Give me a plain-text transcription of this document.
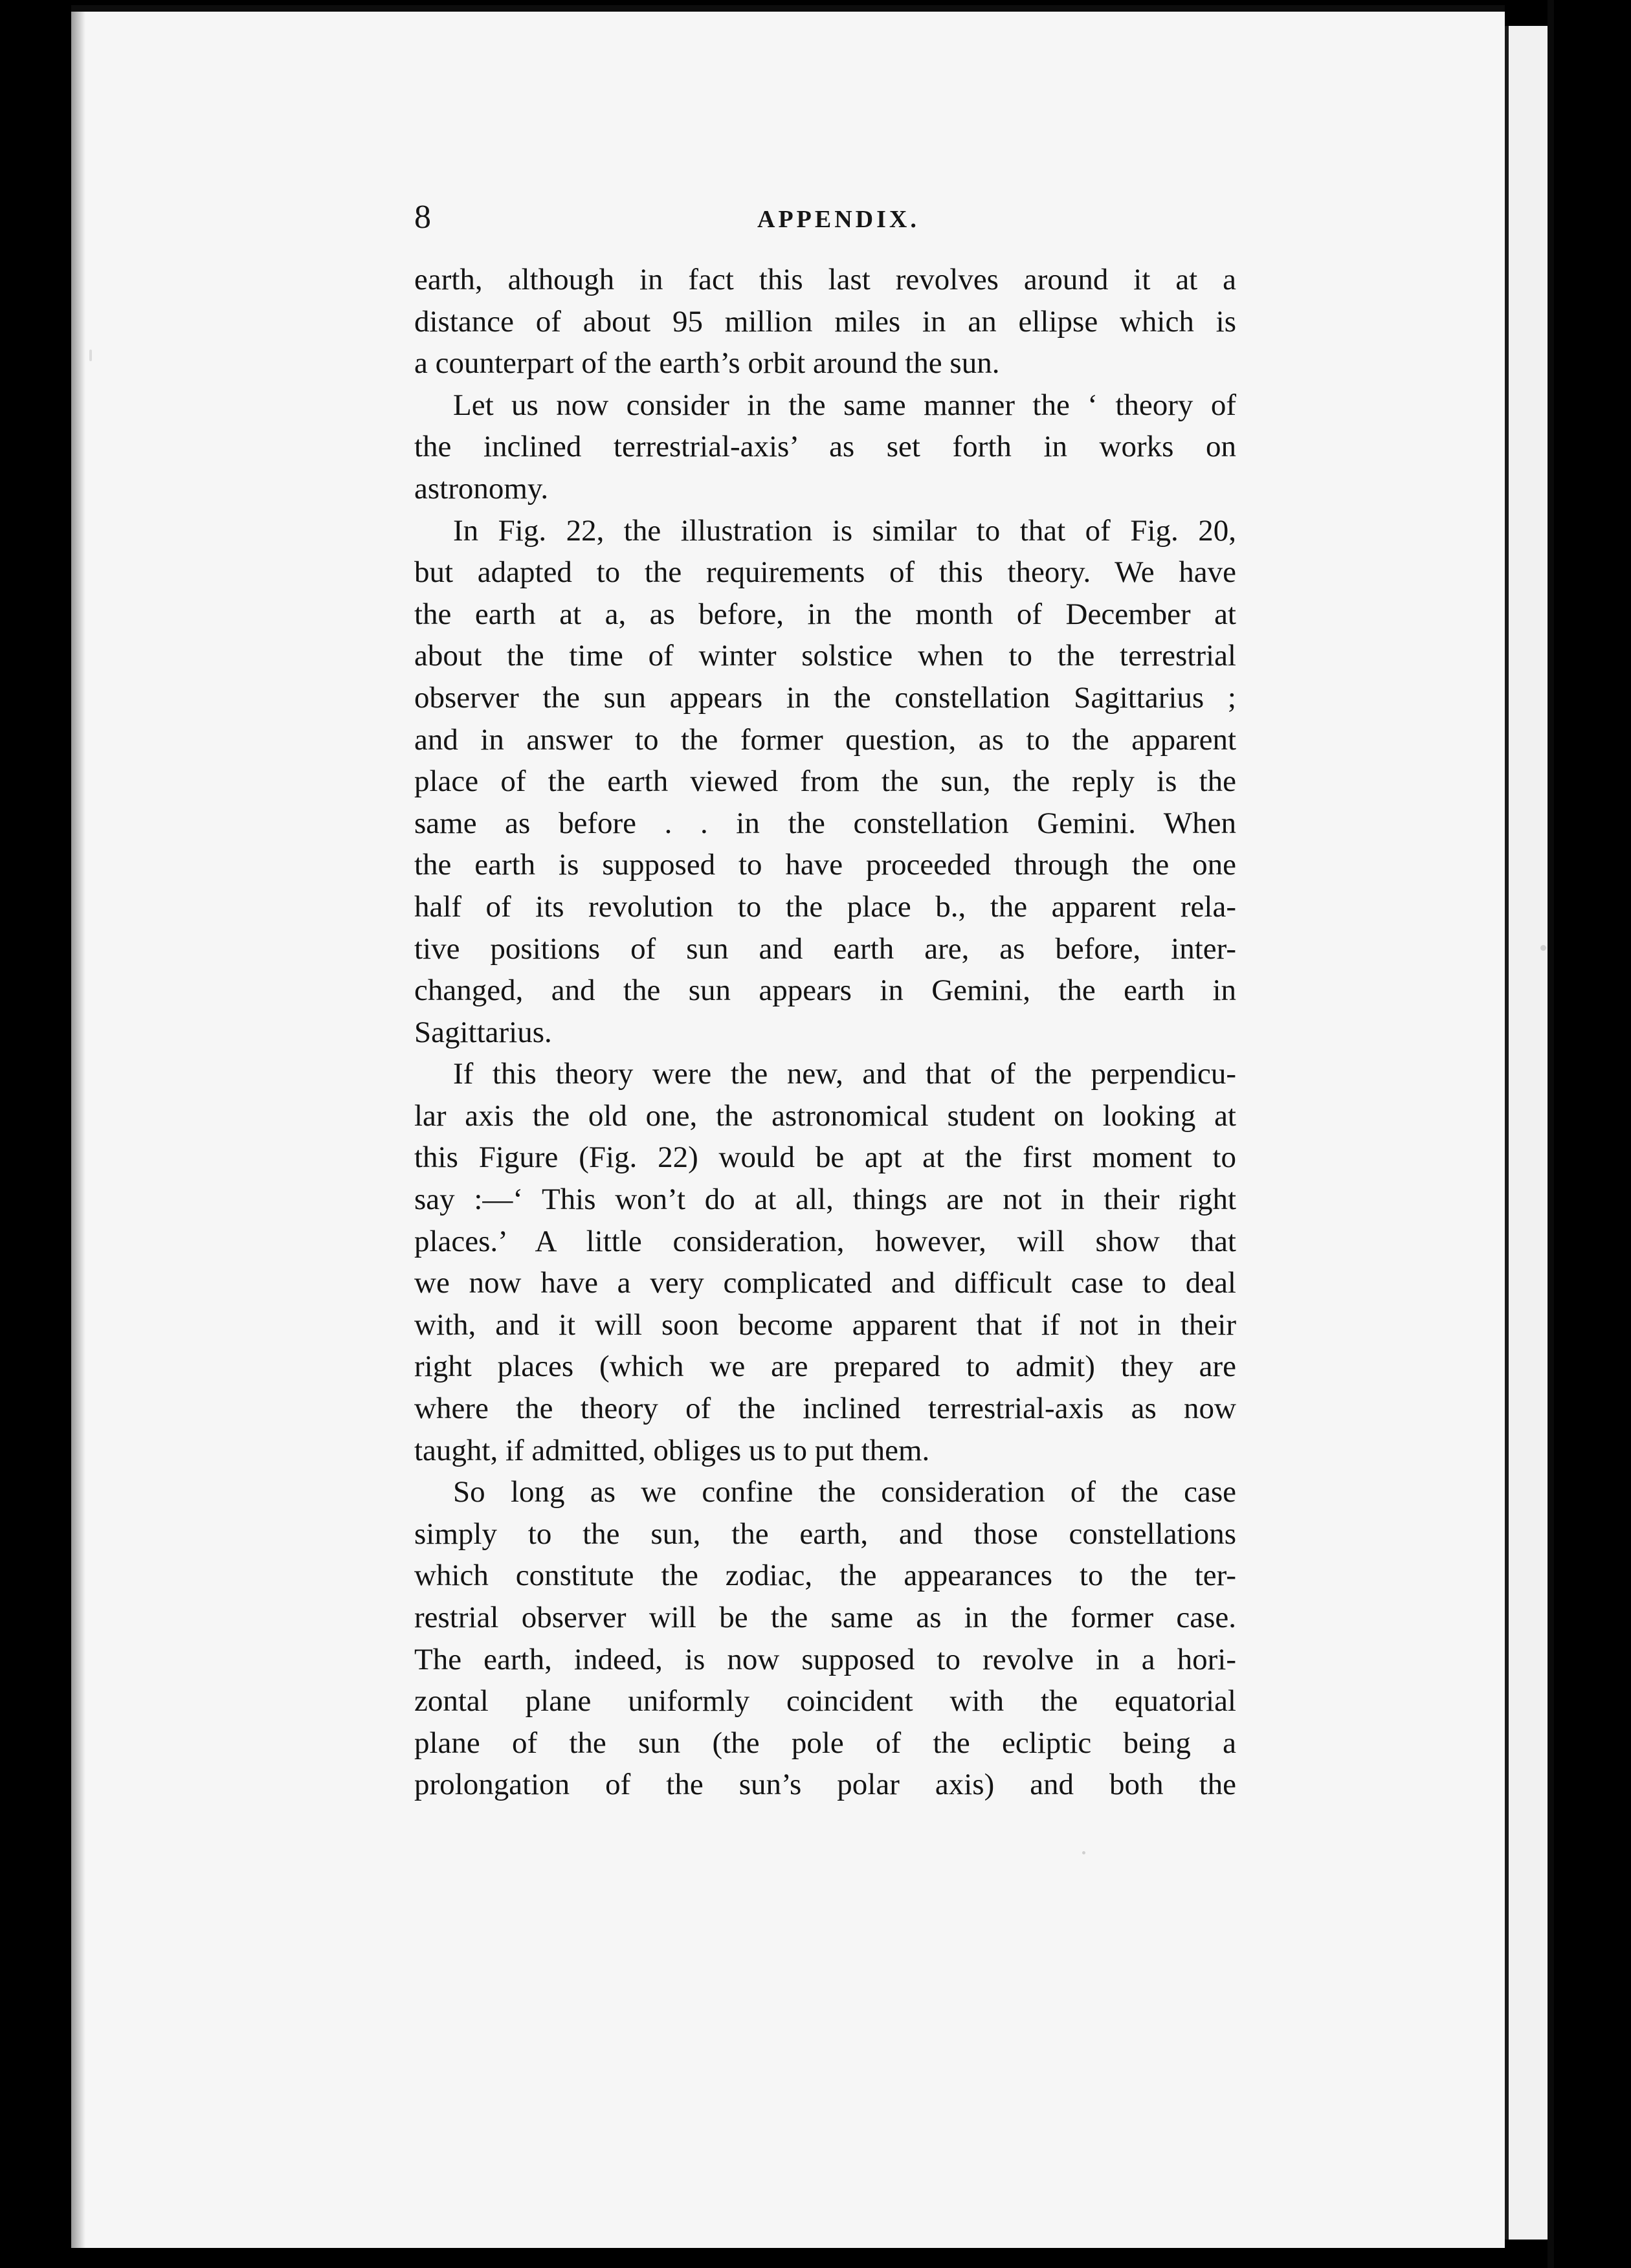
8	APPENDIX.
earth, although in fact this last revolves around it at a
distance of about 95 million miles in an ellipse which is
a counterpart of the earth’s orbit around the sun.
Let us now consider in the same manner the ‘ theory of
the inclined terrestrial-axis’ as set forth in works on
astronomy.
In Fig. 22, the illustration is similar to that of Fig. 20,
but adapted to the requirements of this theory. We have
the earth at a, as before, in the month of December at
about the time of winter solstice when to the terrestrial
observer the sun appears in the constellation Sagittarius ;
and in answer to the former question, as to the apparent
place of the earth viewed from the sun, the reply is the
same as before . . in the constellation Gemini. When
the earth is supposed to have proceeded through the one
half of its revolution to the place b., the apparent rela-
tive positions of sun and earth are, as before, inter-
changed, and the sun appears in Gemini, the earth in
Sagittarius.
If this theory were the new, and that of the perpendicu-
lar axis the old one, the astronomical student on looking at
this Figure (Fig. 22) would be apt at the first moment to
say :—‘ This won’t do at all, things are not in their right
places.’ A little consideration, however, will show that
we now have a very complicated and difficult case to deal
with, and it will soon become apparent that if not in their
right places (which we are prepared to admit) they are
where the theory of the inclined terrestrial-axis as now
taught, if admitted, obliges us to put them.
So long as we confine the consideration of the case
simply to the sun, the earth, and those constellations
which constitute the zodiac, the appearances to the ter-
restrial observer will be the same as in the former case.
The earth, indeed, is now supposed to revolve in a hori-
zontal plane uniformly coincident with the equatorial
plane of the sun (the pole of the ecliptic being a
prolongation of the sun’s polar axis) and both the
